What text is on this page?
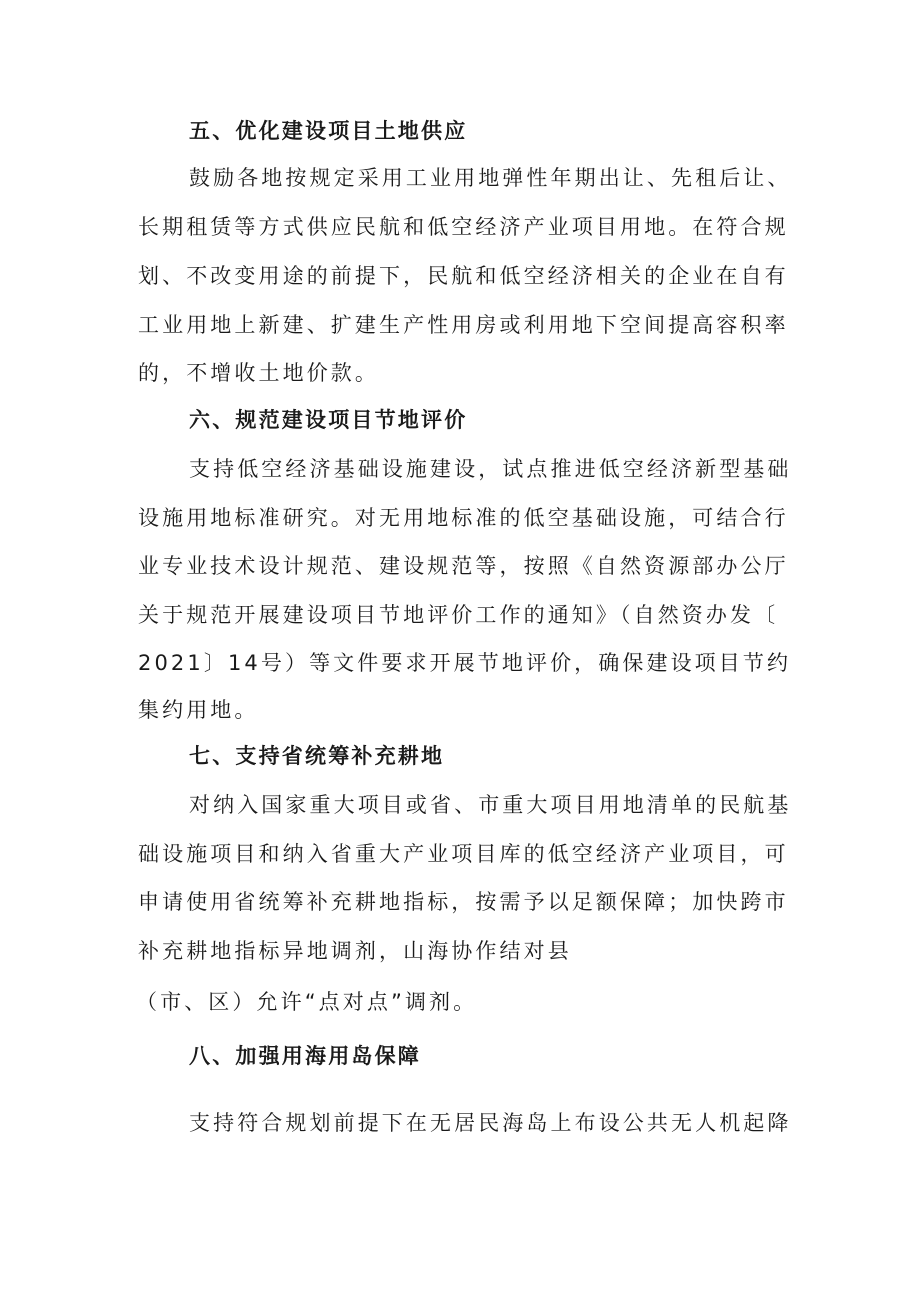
五、优化建设项目土地供应
鼓励各地按规定采用工业用地弹性年期出让、先租后让、
长期租赁等方式供应民航和低空经济产业项目用地。在符合规
划、不改变用途的前提下，民航和低空经济相关的企业在自有
工业用地上新建、扩建生产性用房或利用地下空间提高容积率
的，不增收土地价款。
六、规范建设项目节地评价
支持低空经济基础设施建设，试点推进低空经济新型基础
设施用地标准研究。对无用地标准的低空基础设施，可结合行
业专业技术设计规范、建设规范等，按照《自然资源部办公厅
关于规范开展建设项目节地评价工作的通知》（自然资办发〔
2021〕14号）等文件要求开展节地评价，确保建设项目节约
集约用地。
七、支持省统筹补充耕地
对纳入国家重大项目或省、市重大项目用地清单的民航基
础设施项目和纳入省重大产业项目库的低空经济产业项目，可
申请使用省统筹补充耕地指标，按需予以足额保障；加快跨市
补充耕地指标异地调剂，山海协作结对县
（市、区）允许“点对点”调剂。
八、加强用海用岛保障
支持符合规划前提下在无居民海岛上布设公共无人机起降
